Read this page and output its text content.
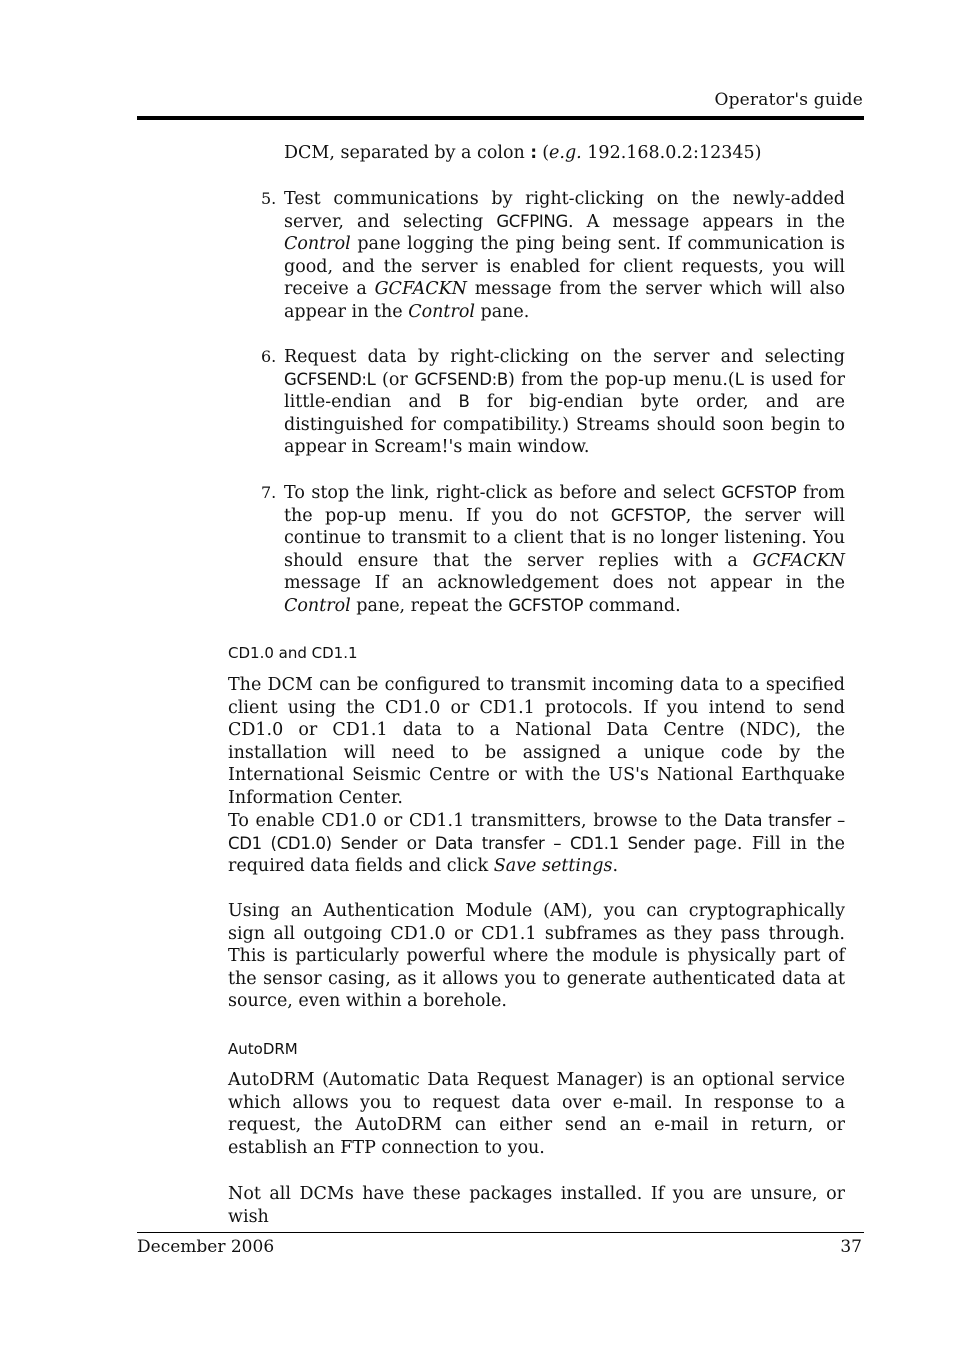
Operator's guide

DCM, separated by a colon : (e.g. 192.168.0.2:12345)

5. Test communications by right-clicking on the newly-added server, and selecting GCFPING. A message appears in the Control pane logging the ping being sent. If communication is good, and the server is enabled for client requests, you will receive a GCFACKN message from the server which will also appear in the Control pane.

6. Request data by right-clicking on the server and selecting GCFSEND:L (or GCFSEND:B) from the pop-up menu.(L is used for little-endian and B for big-endian byte order, and are distinguished for compatibility.) Streams should soon begin to appear in Scream!'s main window.

7. To stop the link, right-click as before and select GCFSTOP from the pop-up menu. If you do not GCFSTOP, the server will continue to transmit to a client that is no longer listening. You should ensure that the server replies with a GCFACKN message If an acknowledgement does not appear in the Control pane, repeat the GCFSTOP command.

CD1.0 and CD1.1

The DCM can be configured to transmit incoming data to a specified client using the CD1.0 or CD1.1 protocols. If you intend to send CD1.0 or CD1.1 data to a National Data Centre (NDC), the installation will need to be assigned a unique code by the International Seismic Centre or with the US's National Earthquake Information Center.

To enable CD1.0 or CD1.1 transmitters, browse to the Data transfer – CD1 (CD1.0) Sender or Data transfer – CD1.1 Sender page. Fill in the required data fields and click Save settings.

Using an Authentication Module (AM), you can cryptographically sign all outgoing CD1.0 or CD1.1 subframes as they pass through. This is particularly powerful where the module is physically part of the sensor casing, as it allows you to generate authenticated data at source, even within a borehole.

AutoDRM

AutoDRM (Automatic Data Request Manager) is an optional service which allows you to request data over e-mail. In response to a request, the AutoDRM can either send an e-mail in return, or establish an FTP connection to you.

Not all DCMs have these packages installed. If you are unsure, or wish

December 2006	37
